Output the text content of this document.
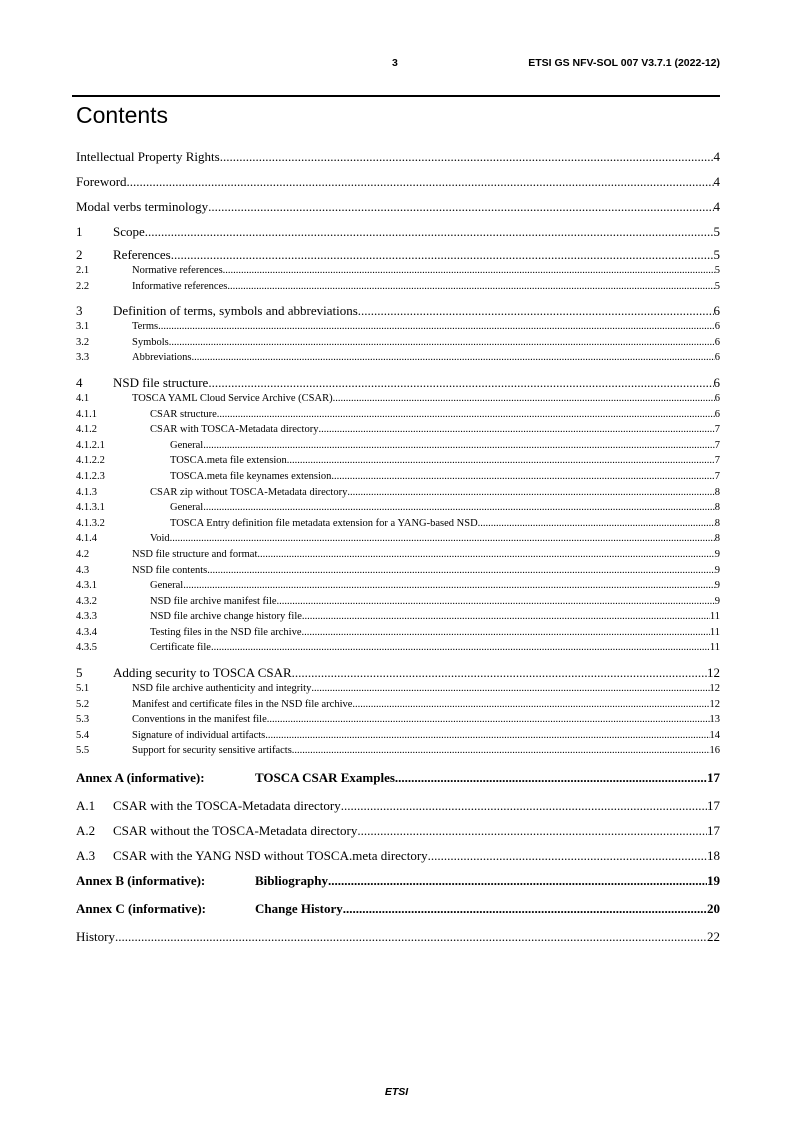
3	ETSI GS NFV-SOL 007 V3.7.1 (2022-12)
Contents
Intellectual Property Rights .....	4
Foreword .....	4
Modal verbs terminology .....	4
1	Scope .....	5
2	References .....	5
2.1	Normative references .....	5
2.2	Informative references .....	5
3	Definition of terms, symbols and abbreviations .....	6
3.1	Terms .....	6
3.2	Symbols .....	6
3.3	Abbreviations .....	6
4	NSD file structure .....	6
4.1	TOSCA YAML Cloud Service Archive (CSAR) .....	6
4.1.1	CSAR structure .....	6
4.1.2	CSAR with TOSCA-Metadata directory .....	7
4.1.2.1	General .....	7
4.1.2.2	TOSCA.meta file extension .....	7
4.1.2.3	TOSCA.meta file keynames extension .....	7
4.1.3	CSAR zip without TOSCA-Metadata directory .....	8
4.1.3.1	General .....	8
4.1.3.2	TOSCA Entry definition file metadata extension for a YANG-based NSD .....	8
4.1.4	Void .....	8
4.2	NSD file structure and format .....	9
4.3	NSD file contents .....	9
4.3.1	General .....	9
4.3.2	NSD file archive manifest file .....	9
4.3.3	NSD file archive change history file .....	11
4.3.4	Testing files in the NSD file archive .....	11
4.3.5	Certificate file .....	11
5	Adding security to TOSCA CSAR .....	12
5.1	NSD file archive authenticity and integrity .....	12
5.2	Manifest and certificate files in the NSD file archive .....	12
5.3	Conventions in the manifest file .....	13
5.4	Signature of individual artifacts .....	14
5.5	Support for security sensitive artifacts .....	16
Annex A (informative):	TOSCA CSAR Examples .....	17
A.1	CSAR with the TOSCA-Metadata directory .....	17
A.2	CSAR without the TOSCA-Metadata directory .....	17
A.3	CSAR with the YANG NSD without TOSCA.meta directory .....	18
Annex B (informative):	Bibliography .....	19
Annex C (informative):	Change History .....	20
History .....	22
ETSI
